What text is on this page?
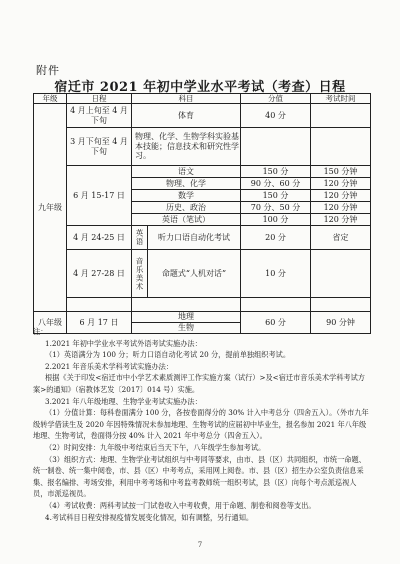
附件
宿迁市 2021 年初中学业水平考试（考查）日程
年级	日程	科目		分值	考试时间
九年级	4 月上旬至 4 月下旬	体育		40 分	
	3 月下旬至 4 月下旬	物理、化学、生物学科实验基本技能；信息技术和研究性学习。			
	6 月 15-17 日	语文		150 分	150 分钟
		物理、化学		90 分、60 分	120 分钟
		数学		150 分	120 分钟
		历史、政治		70 分、50 分	120 分钟
		英语（笔试）		100 分	120 分钟
	4 月 24-25 日	英语	听力口语自动化考试	20 分	省定
	4 月 27-28 日	音乐美术	命题式“人机对话”	10 分	

八年级	6 月 17 日	地理		60 分	90 分钟
		生物			

注：

1.2021 年初中学业水平考试外语考试实施办法：

（1）英语满分为 100 分；听力口语自动化考试 20 分，提前单独组织考试。

2.2021 年音乐美术学科考试实施办法：

根据《关于印发<宿迁市中小学艺术素质测评工作实施方案（试行）>及<宿迁市音乐美术学科考试方案>的通知》（宿教体艺发〔2017〕014 号）实施。

3.2021 年八年级地理、生物学业考试实施办法：

（1）分值计算：每科卷面满分 100 分，各按卷面得分的 30% 计入中考总分（四舍五入）。（外市九年级转学借读生及 2020 年因特殊情况未参加地理、生物考试的应届初中毕业生，报名参加 2021 年八年级地理、生物考试，卷面得分按 40% 计入 2021 年中考总分（四舍五入）。

（2）时间安排：九年级中考结束后当天下午，八年级学生参加考试。

（3）组织方式：地理、生物学业考试组织与中考同等要求，由市、县（区）共同组织，市统一命题、统一制卷、统一集中阅卷，市、县（区）中考考点，采用网上阅卷。市、县（区）招生办公室负责信息采集、报名编排、考场安排，利用中考考场和中考监考教师统一组织考试，县（区）向每个考点派巡视人员，市派巡视员。

（4）考试收费：两科考试按一门试卷收入中考收费，用于命题、制卷和阅卷等支出。

4.考试科目日程安排视疫情发展变化情况，如有调整，另行通知。

7
